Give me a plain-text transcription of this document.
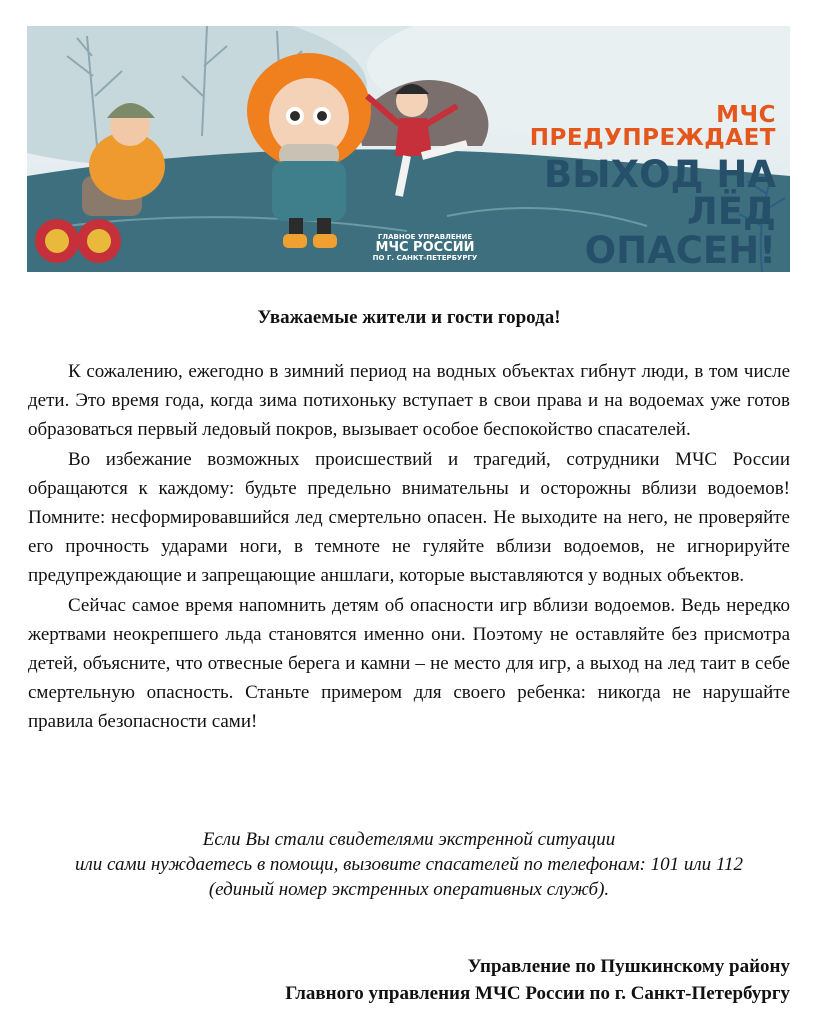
МЧС ПРЕДУПРЕЖДАЕТ
ВЫХОД НА ЛЁД
ОПАСЕН!
ГЛАВНОЕ УПРАВЛЕНИЕ
МЧС РОССИИ
ПО Г. САНКТ-ПЕТЕРБУРГУ
Уважаемые жители и гости города!

К сожалению, ежегодно в зимний период на водных объектах гибнут люди, в том числе дети. Это время года, когда зима потихоньку вступает в свои права и на водоемах уже готов образоваться первый ледовый покров, вызывает особое беспокойство спасателей.

Во избежание возможных происшествий и трагедий, сотрудники МЧС России обращаются к каждому: будьте предельно внимательны и осторожны вблизи водоемов! Помните: несформировавшийся лед смертельно опасен. Не выходите на него, не проверяйте его прочность ударами ноги, в темноте не гуляйте вблизи водоемов, не игнорируйте предупреждающие и запрещающие аншлаги, которые выставляются у водных объектов.

Сейчас самое время напомнить детям об опасности игр вблизи водоемов. Ведь нередко жертвами неокрепшего льда становятся именно они. Поэтому не оставляйте без присмотра детей, объясните, что отвесные берега и камни – не место для игр, а выход на лед таит в себе смертельную опасность. Станьте примером для своего ребенка: никогда не нарушайте правила безопасности сами!

Если Вы стали свидетелями экстренной ситуации
или сами нуждаетесь в помощи, вызовите спасателей по телефонам: 101 или 112
(единый номер экстренных оперативных служб).
Управление по Пушкинскому району
Главного управления МЧС России по г. Санкт-Петербургу
